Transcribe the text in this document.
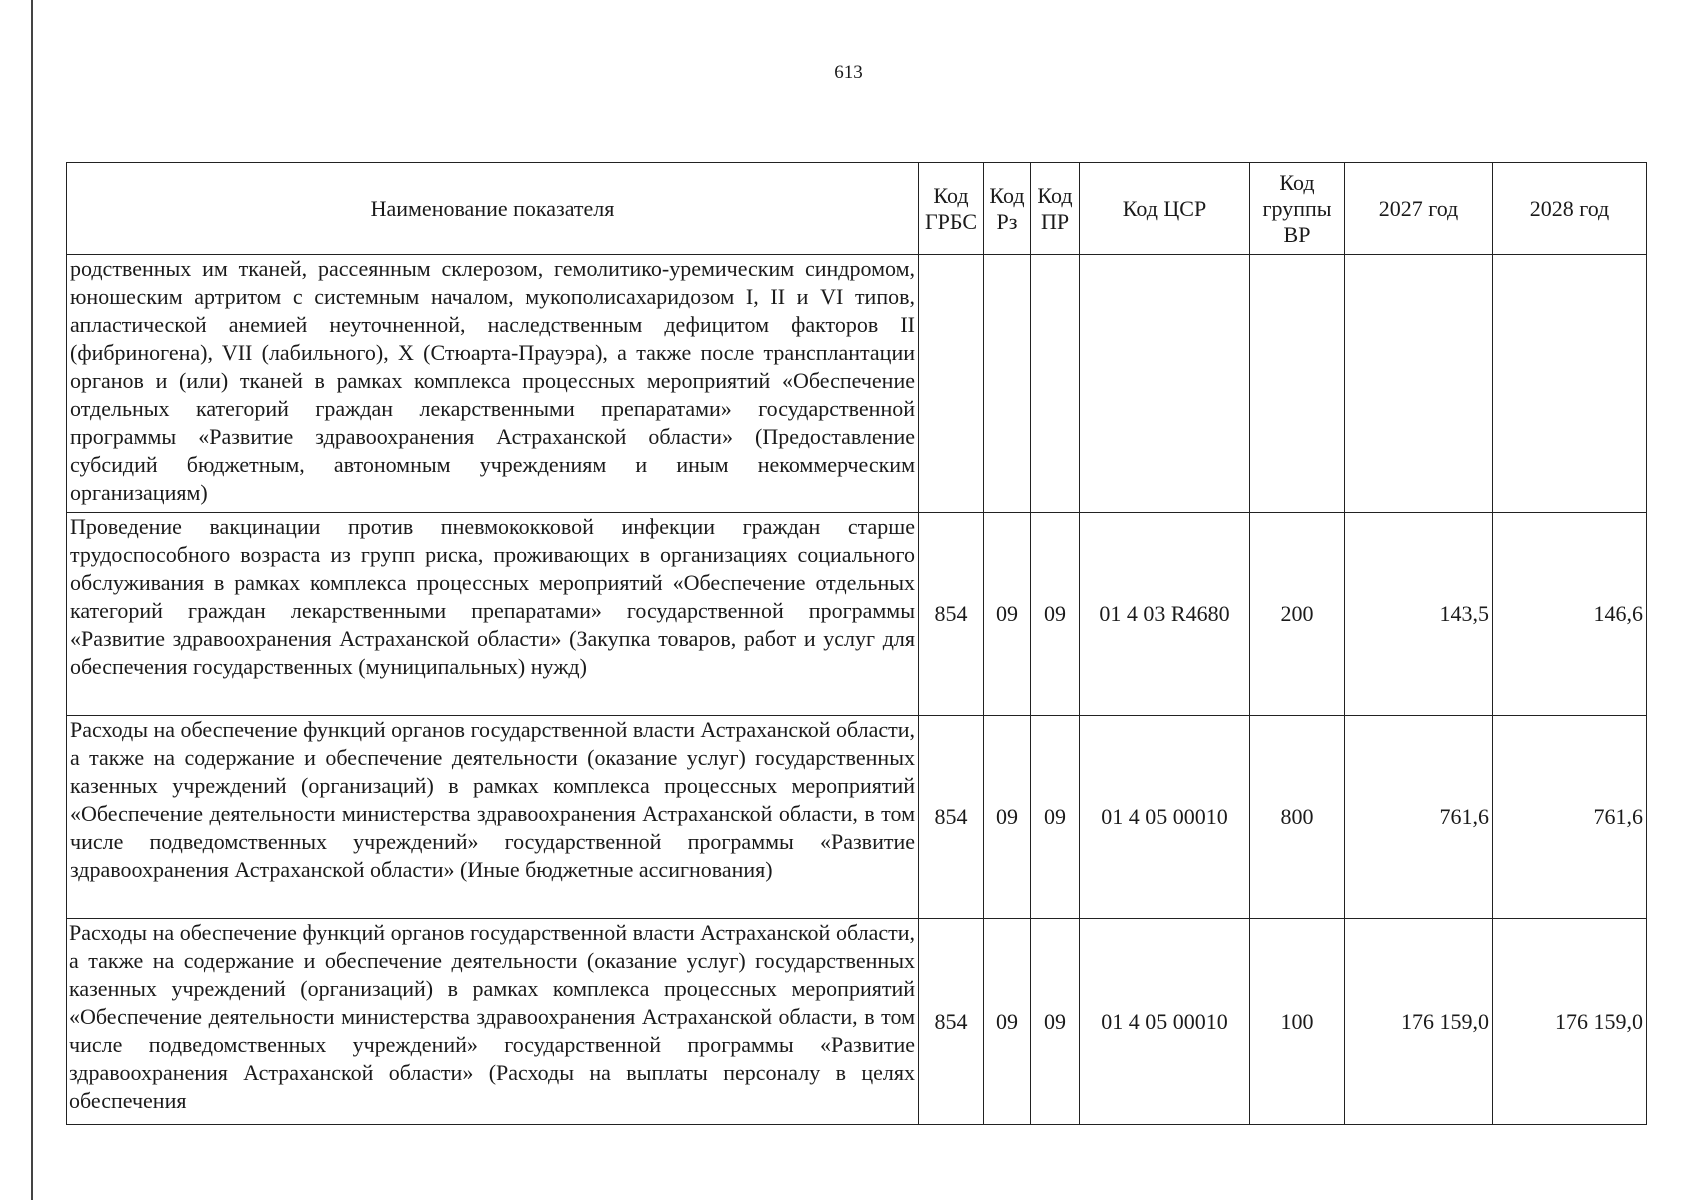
613
Наименование показателя	Код ГРБС	Код Рз	Код ПР	Код ЦСР	Код группы ВР	2027 год	2028 год
родственных им тканей, рассеянным склерозом, гемолитико-уремическим синдромом, юношеским артритом с системным началом, мукополисахаридозом I, II и VI типов, апластической анемией неуточненной, наследственным дефицитом факторов II (фибриногена), VII (лабильного), X (Стюарта-Прауэра), а также после трансплантации органов и (или) тканей в рамках комплекса процессных мероприятий «Обеспечение отдельных категорий граждан лекарственными препаратами» государственной программы «Развитие здравоохранения Астраханской области» (Предоставление субсидий бюджетным, автономным учреждениям и иным некоммерческим организациям)							
Проведение вакцинации против пневмококковой инфекции граждан старше трудоспособного возраста из групп риска, проживающих в организациях социального обслуживания в рамках комплекса процессных мероприятий «Обеспечение отдельных категорий граждан лекарственными препаратами» государственной программы «Развитие здравоохранения Астраханской области» (Закупка товаров, работ и услуг для обеспечения государственных (муниципальных) нужд)	854	09	09	01 4 03 R4680	200	143,5	146,6
Расходы на обеспечение функций органов государственной власти Астраханской области, а также на содержание и обеспечение деятельности (оказание услуг) государственных казенных учреждений (организаций) в рамках комплекса процессных мероприятий «Обеспечение деятельности министерства здравоохранения Астраханской области, в том числе подведомственных учреждений» государственной программы «Развитие здравоохранения Астраханской области» (Иные бюджетные ассигнования)	854	09	09	01 4 05 00010	800	761,6	761,6

Расходы на обеспечение функций органов государственной власти Астраханской области, а также на содержание и обеспечение деятельности (оказание услуг) государственных казенных учреждений (организаций) в рамках комплекса процессных мероприятий «Обеспечение деятельности министерства здравоохранения Астраханской области, в том числе подведомственных учреждений» государственной программы «Развитие здравоохранения Астраханской области» (Расходы на выплаты персоналу в целях обеспечения	854	09	09	01 4 05 00010	100	176 159,0	176 159,0
